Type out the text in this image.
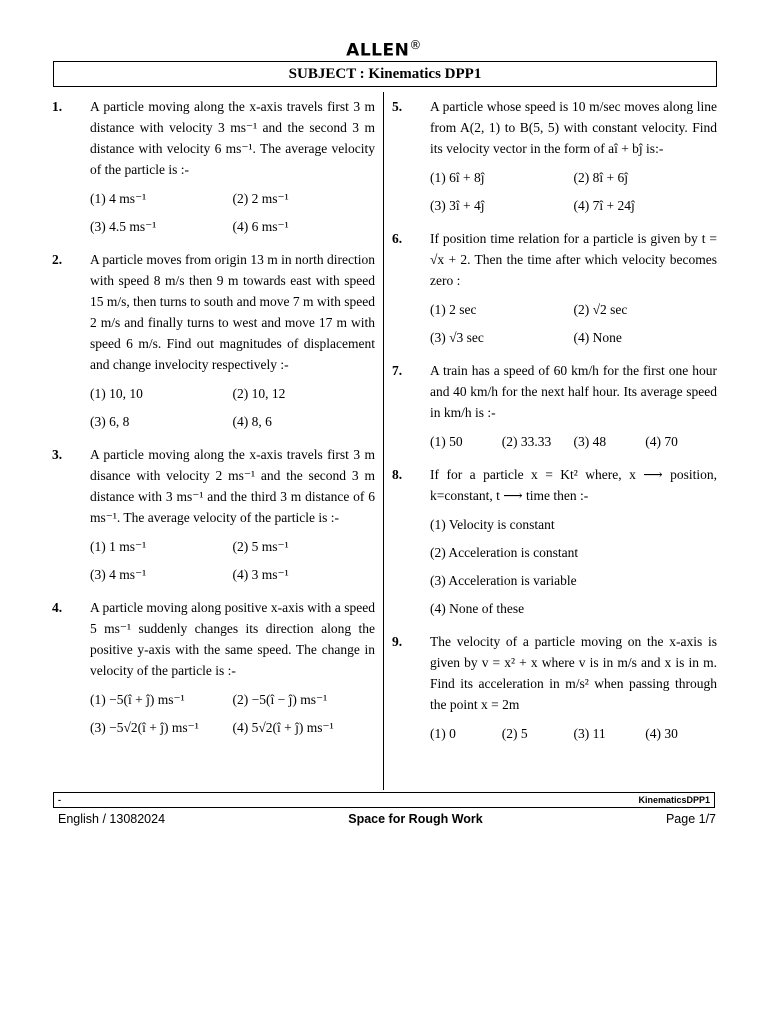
ALLEN®
SUBJECT : Kinematics DPP1
1.	A particle moving along the x-axis travels first 3 m distance with velocity 3 ms⁻¹ and the second 3 m distance with velocity 6 ms⁻¹. The average velocity of the particle is :-
(1) 4 ms⁻¹	(2) 2 ms⁻¹
(3) 4.5 ms⁻¹	(4) 6 ms⁻¹
2.	A particle moves from origin 13 m in north direction with speed 8 m/s then 9 m towards east with speed 15 m/s, then turns to south and move 7 m with speed 2 m/s and finally turns to west and move 17 m with speed 6 m/s. Find out magnitudes of displacement and change invelocity respectively :-
(1) 10, 10	(2) 10, 12
(3) 6, 8	(4) 8, 6
3.	A particle moving along the x-axis travels first 3 m disance with velocity 2 ms⁻¹ and the second 3 m distance with 3 ms⁻¹ and the third 3 m distance of 6 ms⁻¹. The average velocity of the particle is :-
(1) 1 ms⁻¹	(2) 5 ms⁻¹
(3) 4 ms⁻¹	(4) 3 ms⁻¹
4.	A particle moving along positive x-axis with a speed 5 ms⁻¹ suddenly changes its direction along the positive y-axis with the same speed. The change in velocity of the particle is :-
(1) −5(î + ĵ) ms⁻¹	(2) −5(î − ĵ) ms⁻¹
(3) −5√2(î + ĵ) ms⁻¹	(4) 5√2(î + ĵ) ms⁻¹
5.	A particle whose speed is 10 m/sec moves along line from A(2, 1) to B(5, 5) with constant velocity. Find its velocity vector in the form of aî + bĵ is:-
(1) 6î + 8ĵ	(2) 8î + 6ĵ
(3) 3î + 4ĵ	(4) 7î + 24ĵ
6.	If position time relation for a particle is given by t = √x + 2. Then the time after which velocity becomes zero :
(1) 2 sec	(2) √2 sec
(3) √3 sec	(4) None
7.	A train has a speed of 60 km/h for the first one hour and 40 km/h for the next half hour. Its average speed in km/h is :-
(1) 50	(2) 33.33	(3) 48	(4) 70
8.	If for a particle x = Kt² where, x ⟶ position, k=constant, t ⟶ time then :-
(1) Velocity is constant
(2) Acceleration is constant
(3) Acceleration is variable
(4) None of these
9.	The velocity of a particle moving on the x-axis is given by v = x² + x where v is in m/s and x is in m. Find its acceleration in m/s² when passing through the point x = 2m
(1) 0	(2) 5	(3) 11	(4) 30
-	KinematicsDPP1
English / 13082024	Space for Rough Work	Page 1/7
